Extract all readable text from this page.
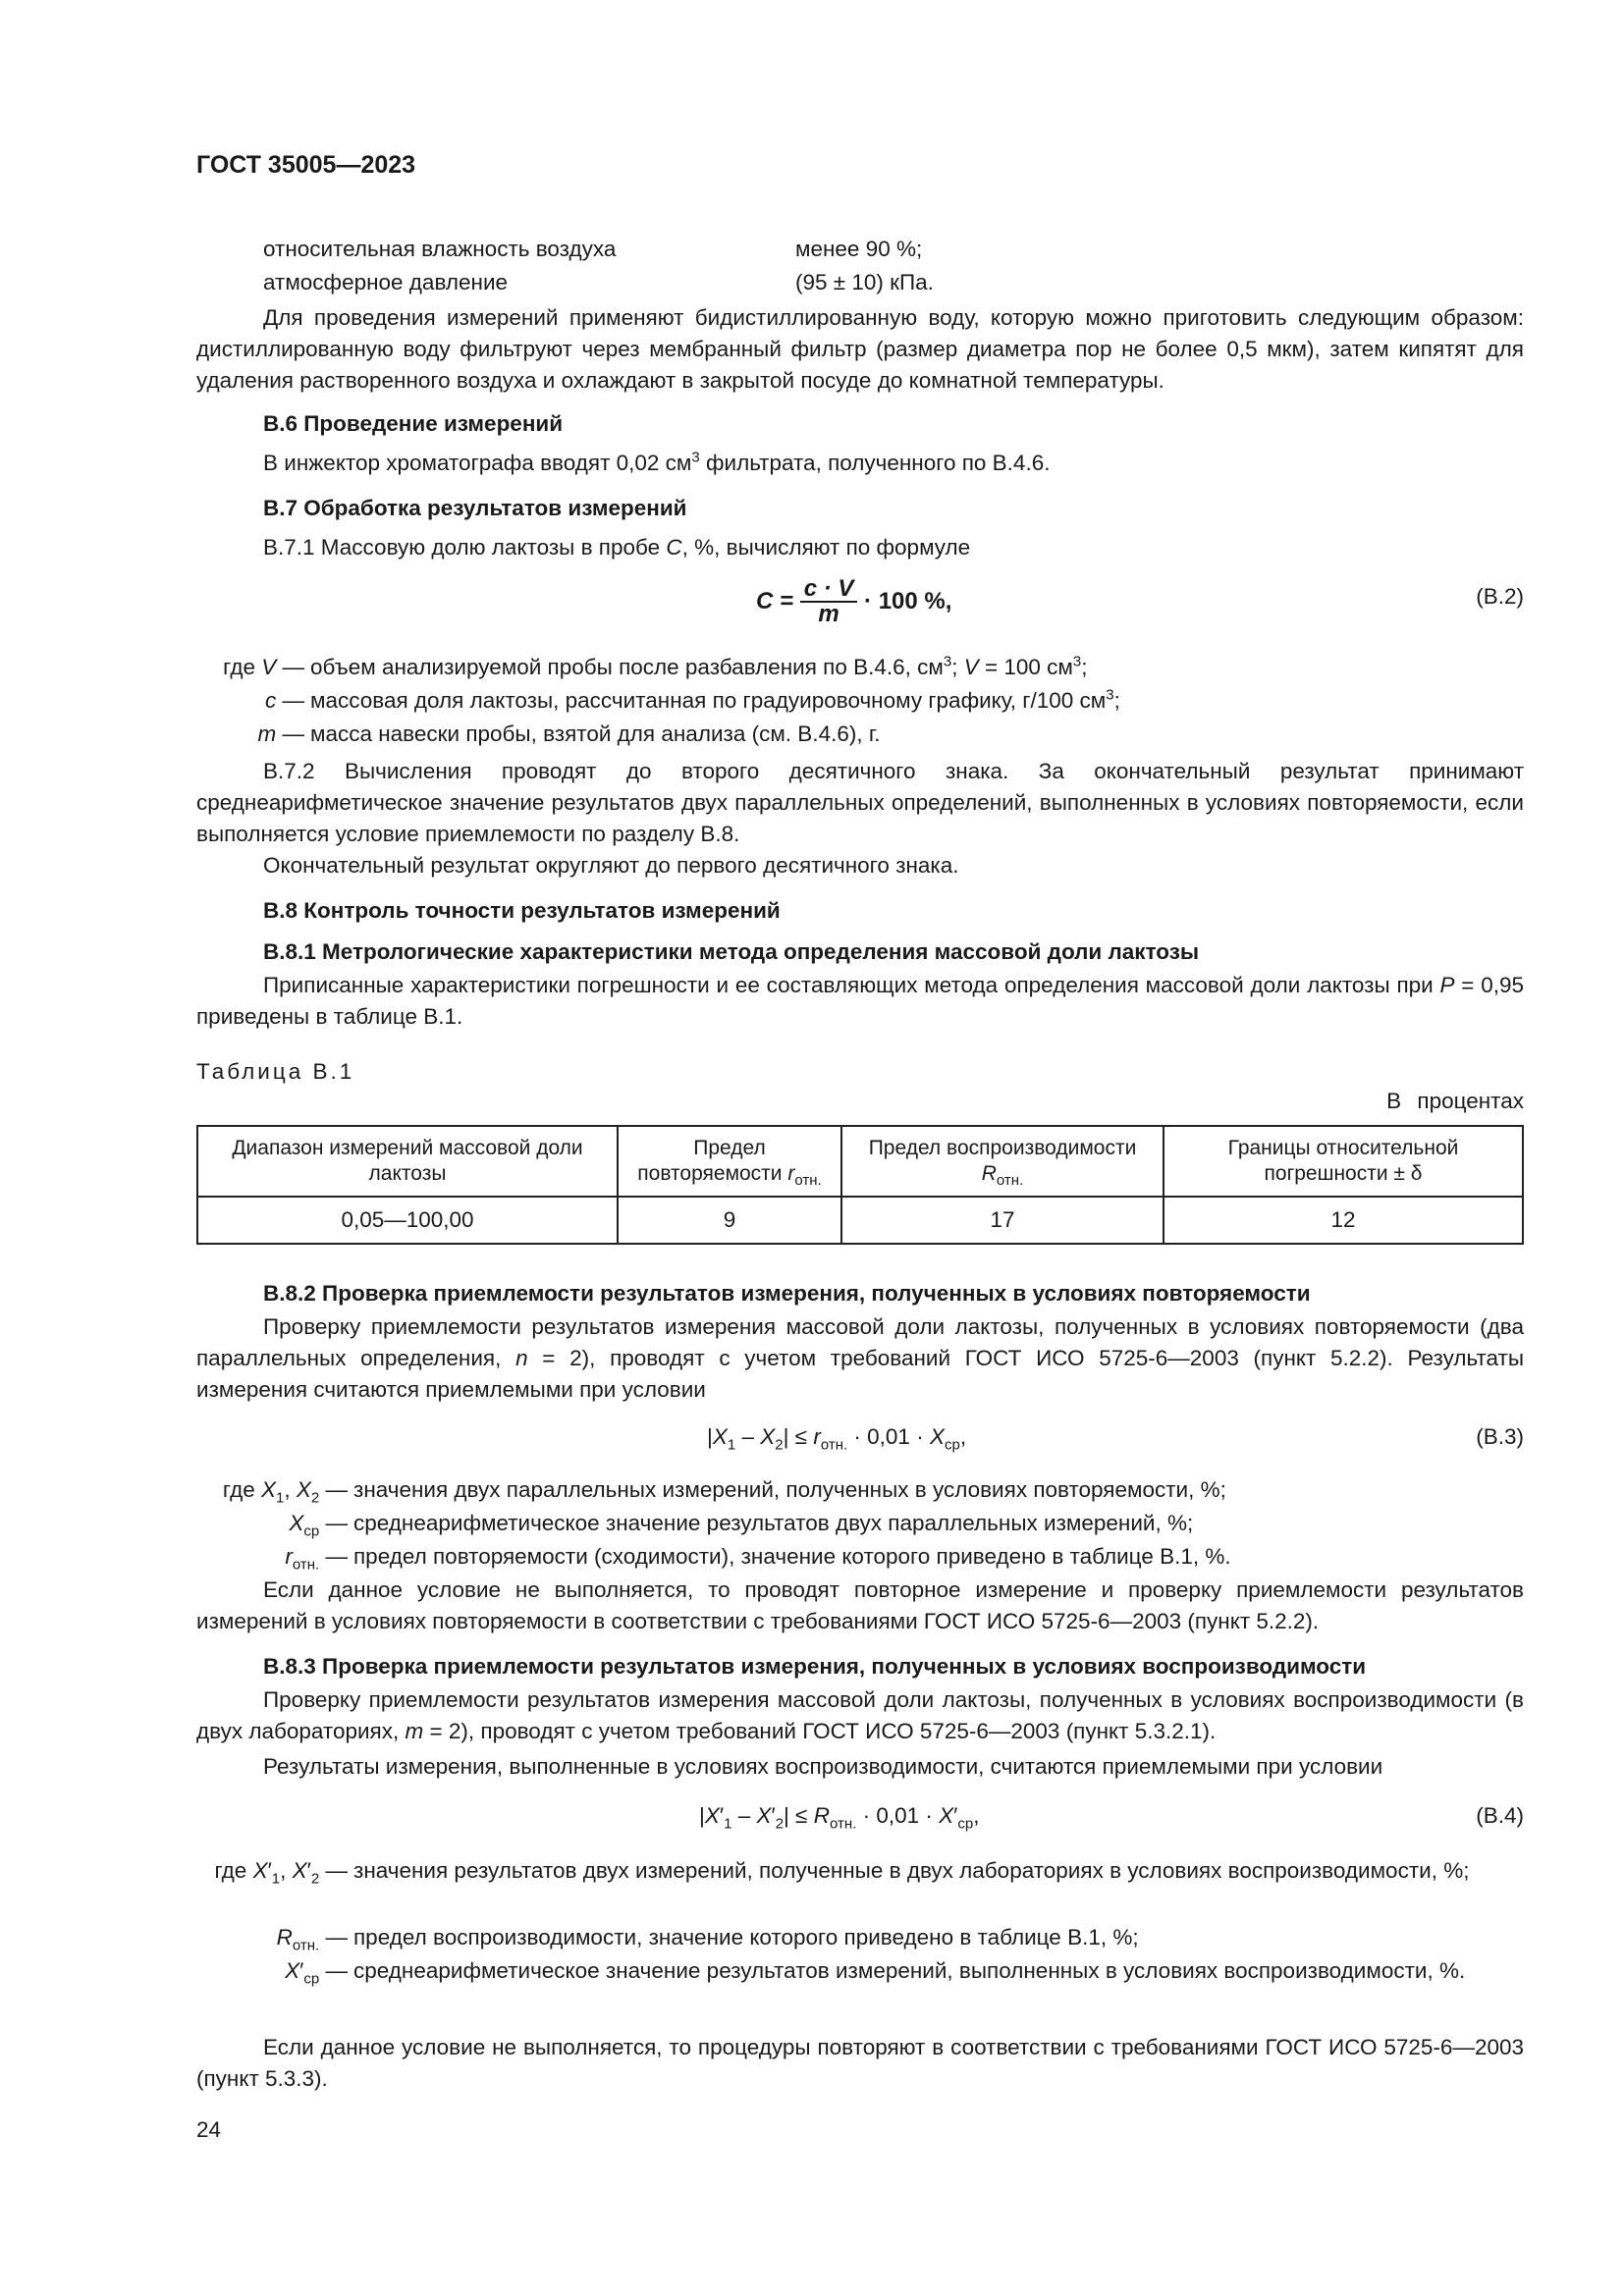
ГОСТ 35005—2023
относительная влажность воздуха	менее 90 %;
атмосферное давление	(95 ± 10) кПа.
Для проведения измерений применяют бидистиллированную воду, которую можно приготовить следующим образом: дистиллированную воду фильтруют через мембранный фильтр (размер диаметра пор не более 0,5 мкм), затем кипятят для удаления растворенного воздуха и охлаждают в закрытой посуде до комнатной температуры.
В.6 Проведение измерений
В инжектор хроматографа вводят 0,02 $см^3$ фильтрата, полученного по В.4.6.
В.7 Обработка результатов измерений
В.7.1 Массовую долю лактозы в пробе C, %, вычисляют по формуле
$C = \frac{c \cdot V}{m} \cdot 100$ %,	(В.2)
где V — объем анализируемой пробы после разбавления по В.4.6, $см^3$; V = 100 $см^3$;
c — массовая доля лактозы, рассчитанная по градуировочному графику, г/100 $см^3$;
m — масса навески пробы, взятой для анализа (см. В.4.6), г.
В.7.2 Вычисления проводят до второго десятичного знака. За окончательный результат принимают среднеарифметическое значение результатов двух параллельных определений, выполненных в условиях повторяемости, если выполняется условие приемлемости по разделу В.8.
Окончательный результат округляют до первого десятичного знака.
В.8 Контроль точности результатов измерений
В.8.1 Метрологические характеристики метода определения массовой доли лактозы
Приписанные характеристики погрешности и ее составляющих метода определения массовой доли лактозы при P = 0,95 приведены в таблице В.1.
Таблица В.1
В процентах
Диапазон измерений массовой доли лактозы	Предел повторяемости $r_{отн.}$	Предел воспроизводимости $R_{отн.}$	Границы относительной погрешности ± δ
0,05—100,00	9	17	12
В.8.2 Проверка приемлемости результатов измерения, полученных в условиях повторяемости
Проверку приемлемости результатов измерения массовой доли лактозы, полученных в условиях повторяемости (два параллельных определения, n = 2), проводят с учетом требований ГОСТ ИСО 5725-6—2003 (пункт 5.2.2). Результаты измерения считаются приемлемыми при условии
$|X_1 - X_2| \le r_{отн.} \cdot 0,01 \cdot X_{ср}$,	(В.3)
где $X_1$, $X_2$ — значения двух параллельных измерений, полученных в условиях повторяемости, %;
$X_{ср}$ — среднеарифметическое значение результатов двух параллельных измерений, %;
$r_{отн.}$ — предел повторяемости (сходимости), значение которого приведено в таблице В.1, %.
Если данное условие не выполняется, то проводят повторное измерение и проверку приемлемости результатов измерений в условиях повторяемости в соответствии с требованиями ГОСТ ИСО 5725-6—2003 (пункт 5.2.2).
В.8.3 Проверка приемлемости результатов измерения, полученных в условиях воспроизводимости
Проверку приемлемости результатов измерения массовой доли лактозы, полученных в условиях воспроизводимости (в двух лабораториях, m = 2), проводят с учетом требований ГОСТ ИСО 5725-6—2003 (пункт 5.3.2.1).
Результаты измерения, выполненные в условиях воспроизводимости, считаются приемлемыми при условии
$|X'_1 - X'_2| \le R_{отн.} \cdot 0,01 \cdot X'_{ср}$,	(В.4)
где $X'_1$, $X'_2$ — значения результатов двух измерений, полученные в двух лабораториях в условиях воспроизводимости, %;
$R_{отн.}$ — предел воспроизводимости, значение которого приведено в таблице В.1, %;
$X'_{ср}$ — среднеарифметическое значение результатов измерений, выполненных в условиях воспроизводимости, %.
Если данное условие не выполняется, то процедуры повторяют в соответствии с требованиями ГОСТ ИСО 5725-6—2003 (пункт 5.3.3).
24
